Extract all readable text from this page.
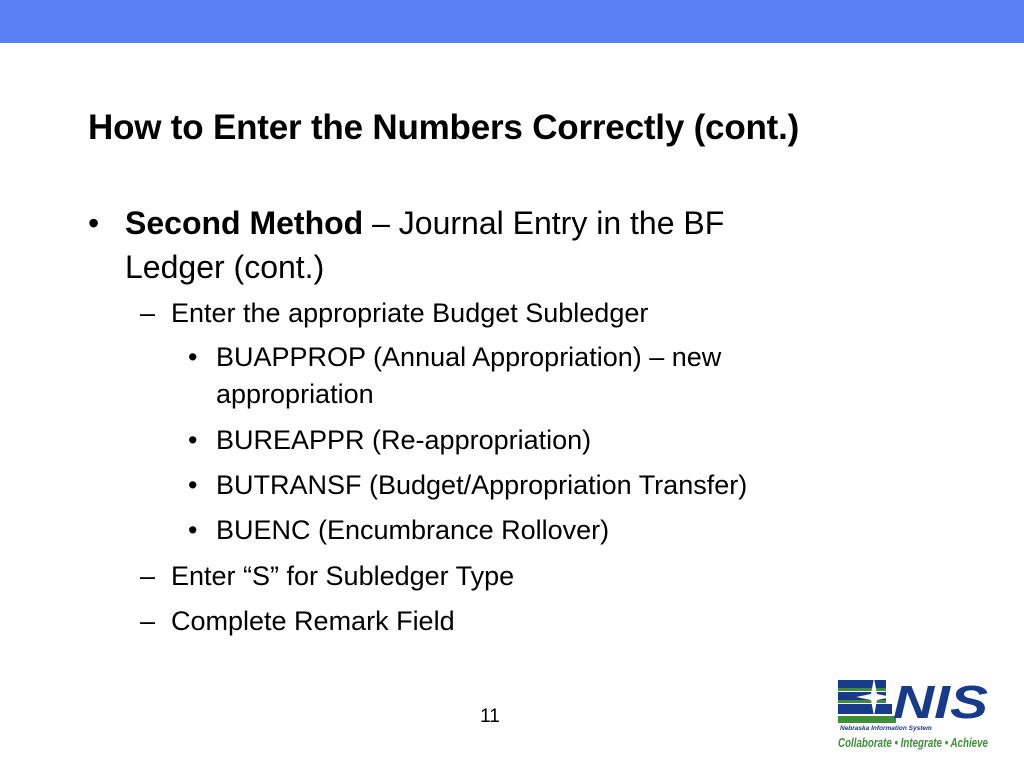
How to Enter the Numbers Correctly (cont.)
• Second Method – Journal Entry in the BF
Ledger (cont.)
– Enter the appropriate Budget Subledger
• BUAPPROP (Annual Appropriation) – new
appropriation
• BUREAPPR (Re-appropriation)
• BUTRANSF (Budget/Appropriation Transfer)
• BUENC (Encumbrance Rollover)
– Enter “S” for Subledger Type
– Complete Remark Field
11	NIS
Nebraska Information System
Collaborate • Integrate • Achieve
